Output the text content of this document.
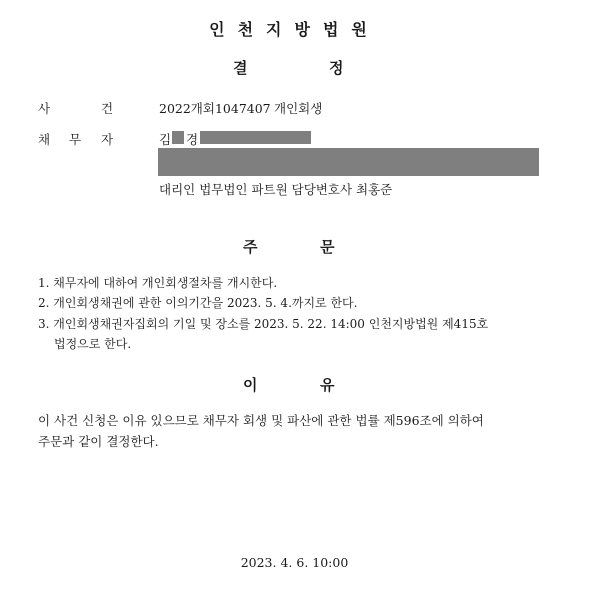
인천지방법원
결	정
사	건	2022개회1047407 개인회생
채 무 자	김 경
대리인 법무법인 파트원 담당변호사 최홍준
주	문
1. 채무자에 대하여 개인회생절차를 개시한다.
2. 개인회생채권에 관한 이의기간을 2023. 5. 4.까지로 한다.
3. 개인회생채권자집회의 기일 및 장소를 2023. 5. 22. 14:00 인천지방법원 제415호
법정으로 한다.
이	유
이 사건 신청은 이유 있으므로 채무자 회생 및 파산에 관한 법률 제596조에 의하여
주문과 같이 결정한다.
2023. 4. 6. 10:00
